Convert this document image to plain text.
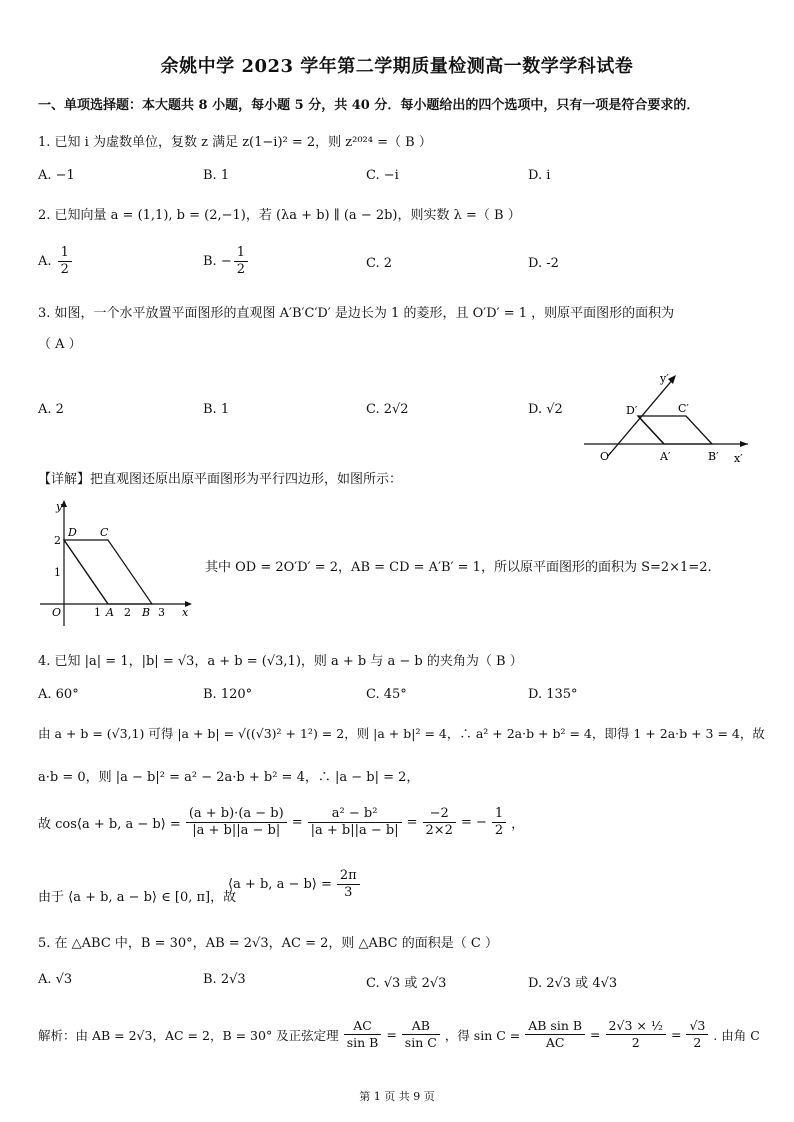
余姚中学 2023 学年第二学期质量检测高一数学学科试卷
一、单项选择题：本大题共 8 小题，每小题 5 分，共 40 分．每小题给出的四个选项中，只有一项是符合要求的．
1. 已知 i 为虚数单位，复数 z 满足 z(1−i)² = 2，则 z²⁰²⁴ =（ B ）
A. −1	B. 1	C. −i	D. i
2. 已知向量 a = (1,1), b = (2,−1)，若 (λa + b) ∥ (a − 2b)，则实数 λ =（ B ）
A. $\frac{1}{2}$	B. − $\frac{1}{2}$	C. 2	D. -2
3. 如图，一个水平放置平面图形的直观图 A′B′C′D′ 是边长为 1 的菱形，且 O′D′ = 1 ，则原平面图形的面积为
（ A ）
A. 2	B. 1	C. 2√2	D. √2
y′
D′	C′
O′	A′	B′ x′
【详解】把直观图还原出原平面图形为平行四边形，如图所示：
y
D C
2
1
O	1 A 2 B 3 x
其中 OD = 2O′D′ = 2，AB = CD = A′B′ = 1，所以原平面图形的面积为 S=2×1=2.
4. 已知 |a| = 1，|b| = √3，a + b = (√3,1)，则 a + b 与 a − b 的夹角为（ B ）
A. 60°	B. 120°	C. 45°	D. 135°
由 a + b = (√3,1) 可得 |a + b| = √((√3)² + 1²) = 2，则 |a + b|² = 4，∴ a² + 2a·b + b² = 4，即得 1 + 2a·b + 3 = 4，故
a·b = 0，则 |a − b|² = a² − 2a·b + b² = 4，∴ |a − b| = 2，
故 cos⟨a + b, a − b⟩ = $\frac{(a + b)\cdot(a - b)}{|a + b||a - b|} = \frac{\text{a² − b²}}{|a + b||a - b|} = \frac{-2}{2\times 2}$ = − $\frac{1}{2}$ ，
由于 ⟨a + b, a − b⟩ ∈ [0, π]，故
⟨a + b, a − b⟩ = $\frac{2\pi}{3}$
5. 在 △ABC 中，B = 30°，AB = 2√3，AC = 2，则 △ABC 的面积是（ C ）
A. √3	B. 2√3	C. √3 或 2√3	D. 2√3 或 4√3
解析：由 AB = 2√3，AC = 2，B = 30° 及正弦定理 $\frac{AC}{\text{sin B}} = \frac{AB}{\text{sin C}}$ ，得 $\sin C = \frac{\text{AB sin B}}{AC} = \frac{\text{2√3 × ½}}{2} = \frac{√3}{2}$ . 由角 C
第 1 页 共 9 页
